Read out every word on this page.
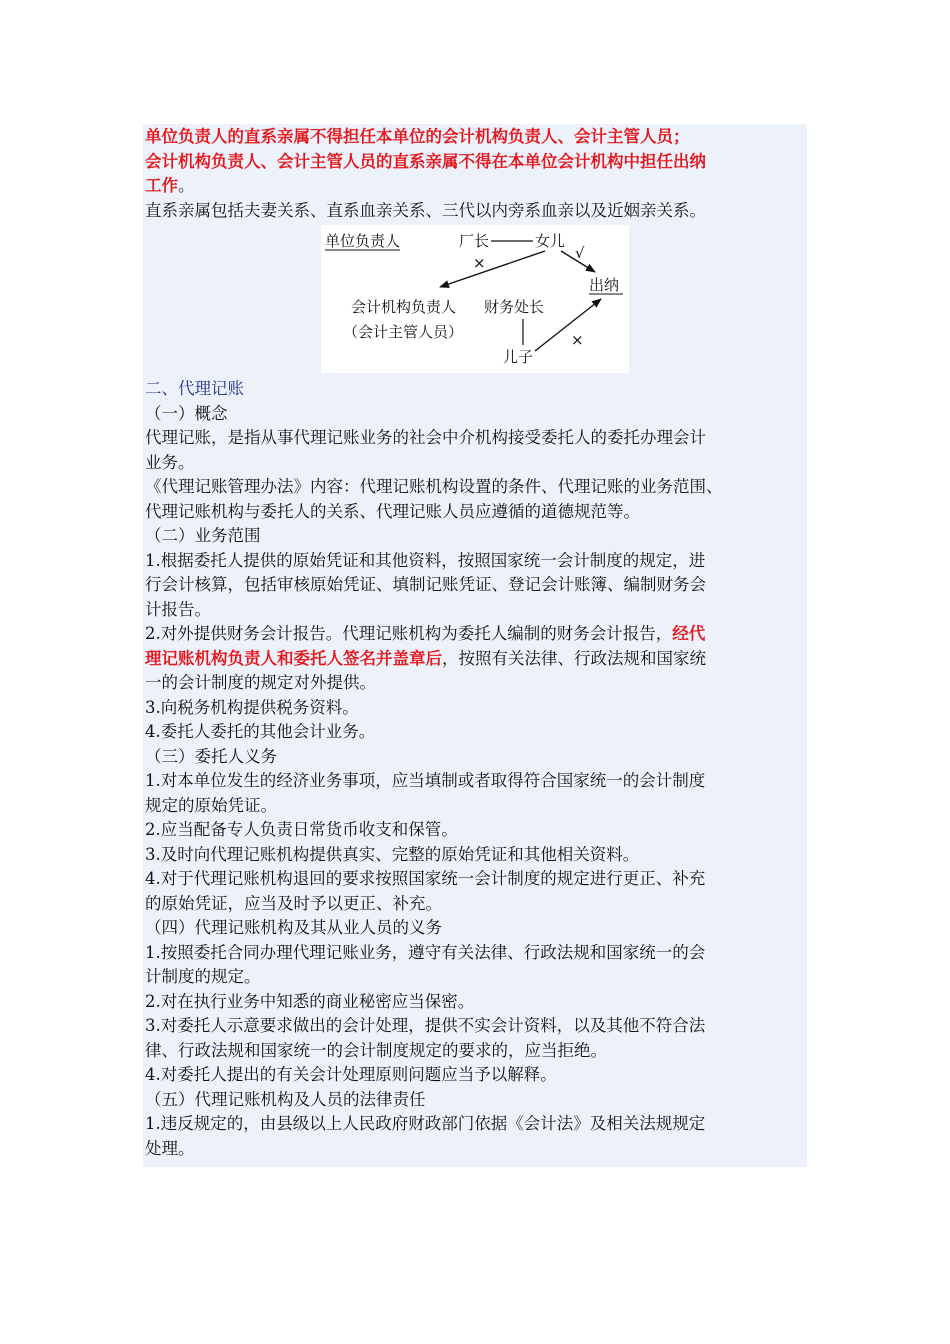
单位负责人的直系亲属不得担任本单位的会计机构负责人、会计主管人员；
会计机构负责人、会计主管人员的直系亲属不得在本单位会计机构中担任出纳
工作。
直系亲属包括夫妻关系、直系血亲关系、三代以内旁系血亲以及近姻亲关系。
单位负责人	厂长	女儿
×
√
出纳
会计机构负责人
（会计主管人员）
财务处长
儿子
×
二、代理记账
（一）概念
代理记账，是指从事代理记账业务的社会中介机构接受委托人的委托办理会计
业务。
《代理记账管理办法》内容：代理记账机构设置的条件、代理记账的业务范围、
代理记账机构与委托人的关系、代理记账人员应遵循的道德规范等。
（二）业务范围
1.根据委托人提供的原始凭证和其他资料，按照国家统一会计制度的规定，进
行会计核算，包括审核原始凭证、填制记账凭证、登记会计账簿、编制财务会
计报告。
2.对外提供财务会计报告。代理记账机构为委托人编制的财务会计报告，经代
理记账机构负责人和委托人签名并盖章后，按照有关法律、行政法规和国家统
一的会计制度的规定对外提供。
3.向税务机构提供税务资料。
4.委托人委托的其他会计业务。
（三）委托人义务
1.对本单位发生的经济业务事项，应当填制或者取得符合国家统一的会计制度
规定的原始凭证。
2.应当配备专人负责日常货币收支和保管。
3.及时向代理记账机构提供真实、完整的原始凭证和其他相关资料。
4.对于代理记账机构退回的要求按照国家统一会计制度的规定进行更正、补充
的原始凭证，应当及时予以更正、补充。
（四）代理记账机构及其从业人员的义务
1.按照委托合同办理代理记账业务，遵守有关法律、行政法规和国家统一的会
计制度的规定。
2.对在执行业务中知悉的商业秘密应当保密。
3.对委托人示意要求做出的会计处理，提供不实会计资料，以及其他不符合法
律、行政法规和国家统一的会计制度规定的要求的，应当拒绝。
4.对委托人提出的有关会计处理原则问题应当予以解释。
（五）代理记账机构及人员的法律责任
1.违反规定的，由县级以上人民政府财政部门依据《会计法》及相关法规规定
处理。
